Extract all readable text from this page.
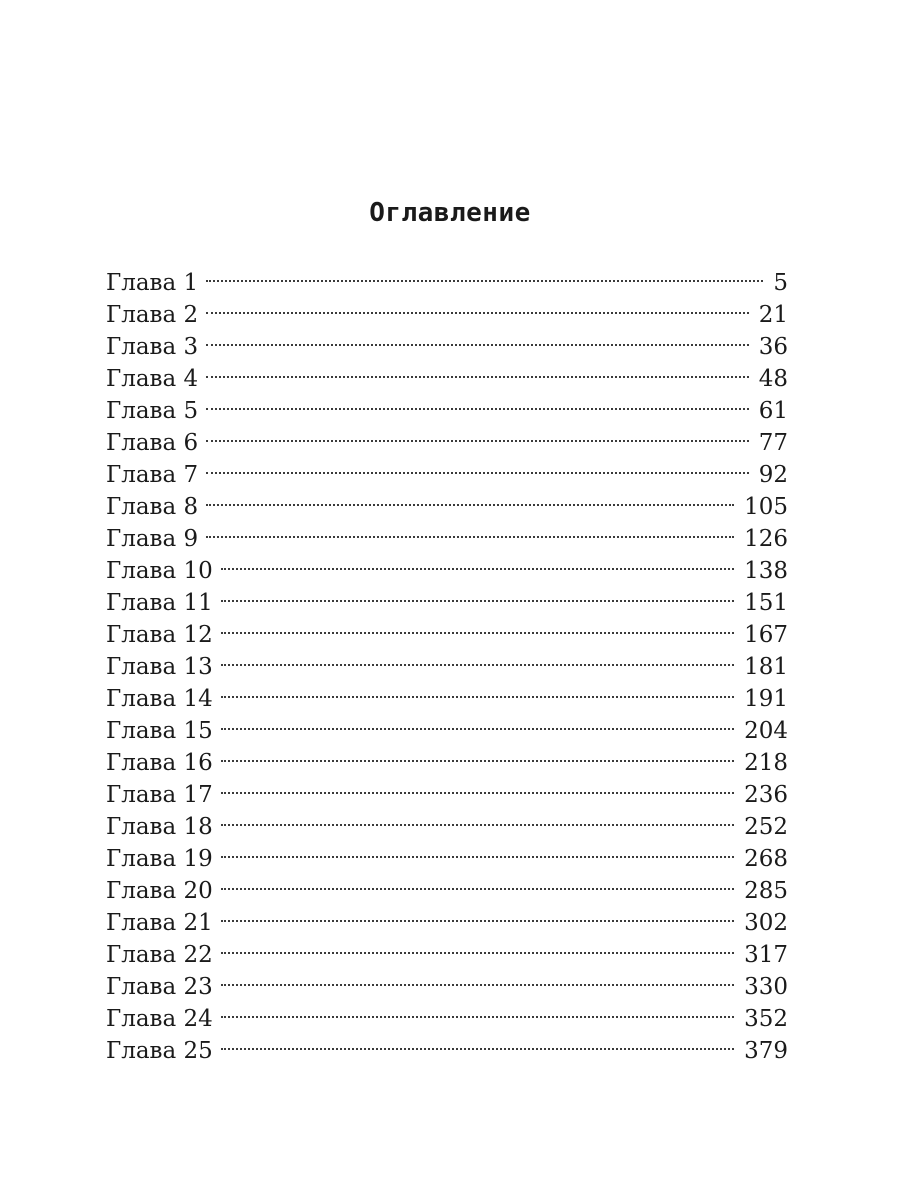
Оглавление
Глава 1	5
Глава 2	21
Глава 3	36
Глава 4	48
Глава 5	61
Глава 6	77
Глава 7	92
Глава 8	105
Глава 9	126
Глава 10	138
Глава 11	151
Глава 12	167
Глава 13	181
Глава 14	191
Глава 15	204
Глава 16	218
Глава 17	236
Глава 18	252
Глава 19	268
Глава 20	285
Глава 21	302
Глава 22	317
Глава 23	330
Глава 24	352
Глава 25	379
